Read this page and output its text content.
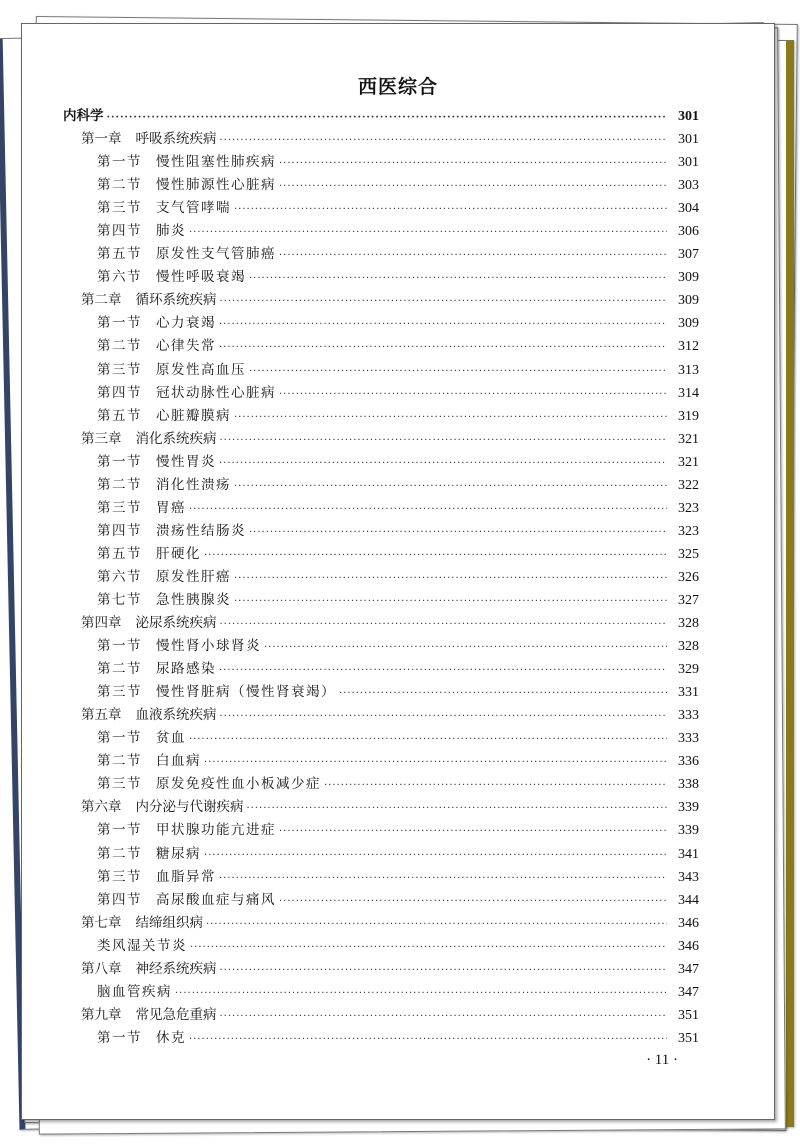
西医综合
内科学 ·····	301
第一章 呼吸系统疾病 ·····	301
第一节 慢性阻塞性肺疾病 ·····	301
第二节 慢性肺源性心脏病 ·····	303
第三节 支气管哮喘 ·····	304
第四节 肺炎 ·····	306
第五节 原发性支气管肺癌 ·····	307
第六节 慢性呼吸衰竭 ·····	309
第二章 循环系统疾病 ·····	309
第一节 心力衰竭 ·····	309
第二节 心律失常 ·····	312
第三节 原发性高血压 ·····	313
第四节 冠状动脉性心脏病 ·····	314
第五节 心脏瓣膜病 ·····	319
第三章 消化系统疾病 ·····	321
第一节 慢性胃炎 ·····	321
第二节 消化性溃疡 ·····	322
第三节 胃癌 ·····	323
第四节 溃疡性结肠炎 ·····	323
第五节 肝硬化 ·····	325
第六节 原发性肝癌 ·····	326
第七节 急性胰腺炎 ·····	327
第四章 泌尿系统疾病 ·····	328
第一节 慢性肾小球肾炎 ·····	328
第二节 尿路感染 ·····	329
第三节 慢性肾脏病（慢性肾衰竭） ·····	331
第五章 血液系统疾病 ·····	333
第一节 贫血 ·····	333
第二节 白血病 ·····	336
第三节 原发免疫性血小板减少症 ·····	338
第六章 内分泌与代谢疾病 ·····	339
第一节 甲状腺功能亢进症 ·····	339
第二节 糖尿病 ·····	341
第三节 血脂异常 ·····	343
第四节 高尿酸血症与痛风 ·····	344
第七章 结缔组织病 ·····	346
类风湿关节炎 ·····	346
第八章 神经系统疾病 ·····	347
脑血管疾病 ·····	347
第九章 常见急危重病 ·····	351
第一节 休克 ·····	351
· 11 ·
